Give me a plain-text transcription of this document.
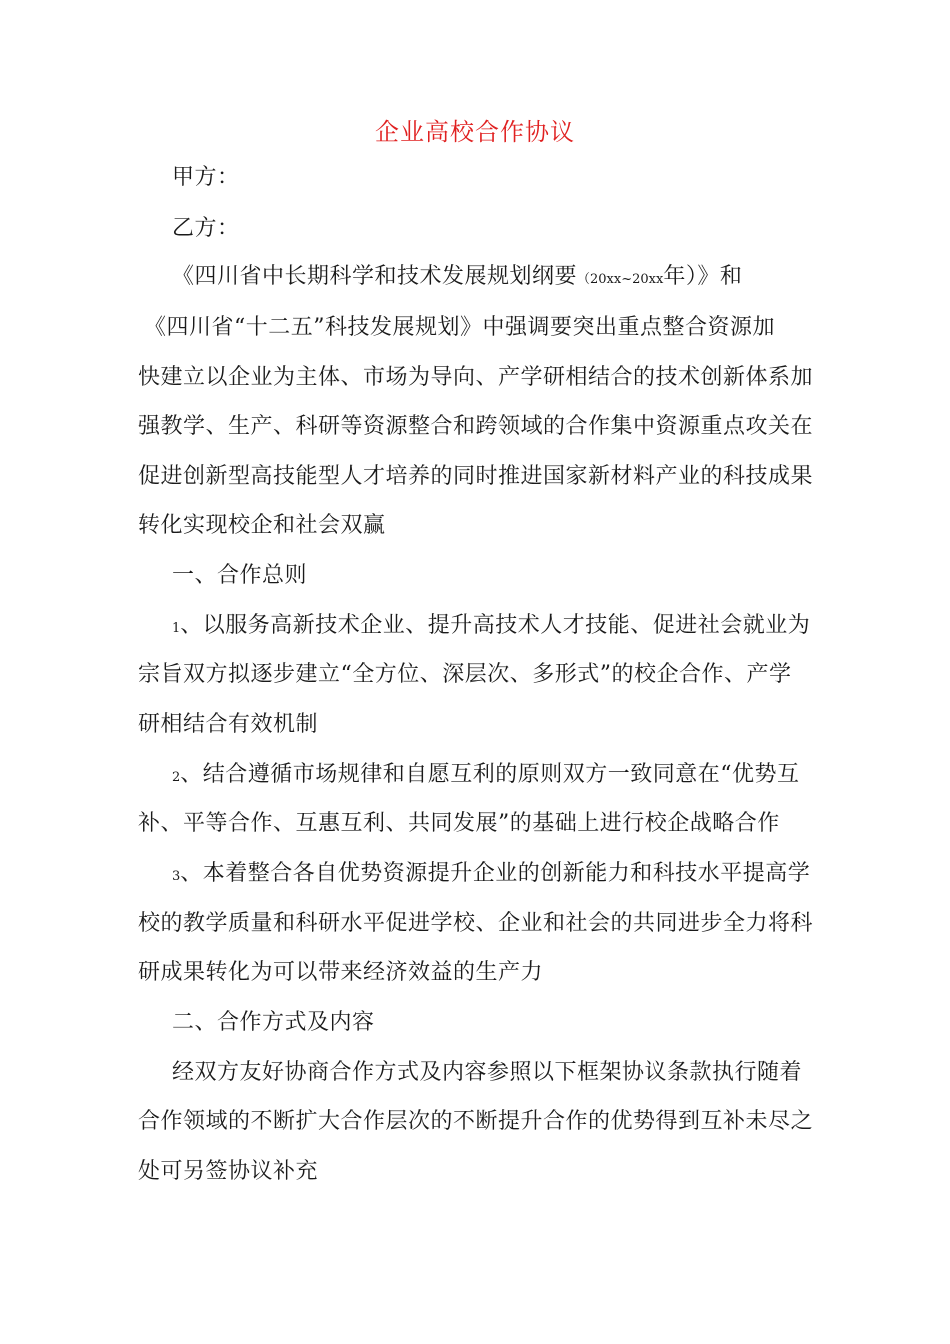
企业高校合作协议
甲方：
乙方：
《四川省中长期科学和技术发展规划纲要（20xx~20xx年）》和
《四川省“十二五”科技发展规划》中强调要突出重点整合资源加
快建立以企业为主体、市场为导向、产学研相结合的技术创新体系加
强教学、生产、科研等资源整合和跨领域的合作集中资源重点攻关在
促进创新型高技能型人才培养的同时推进国家新材料产业的科技成果
转化实现校企和社会双赢
一、合作总则
1、以服务高新技术企业、提升高技术人才技能、促进社会就业为
宗旨双方拟逐步建立“全方位、深层次、多形式”的校企合作、产学
研相结合有效机制
2、结合遵循市场规律和自愿互利的原则双方一致同意在“优势互
补、平等合作、互惠互利、共同发展”的基础上进行校企战略合作
3、本着整合各自优势资源提升企业的创新能力和科技水平提高学
校的教学质量和科研水平促进学校、企业和社会的共同进步全力将科
研成果转化为可以带来经济效益的生产力
二、合作方式及内容
经双方友好协商合作方式及内容参照以下框架协议条款执行随着
合作领域的不断扩大合作层次的不断提升合作的优势得到互补未尽之
处可另签协议补充
